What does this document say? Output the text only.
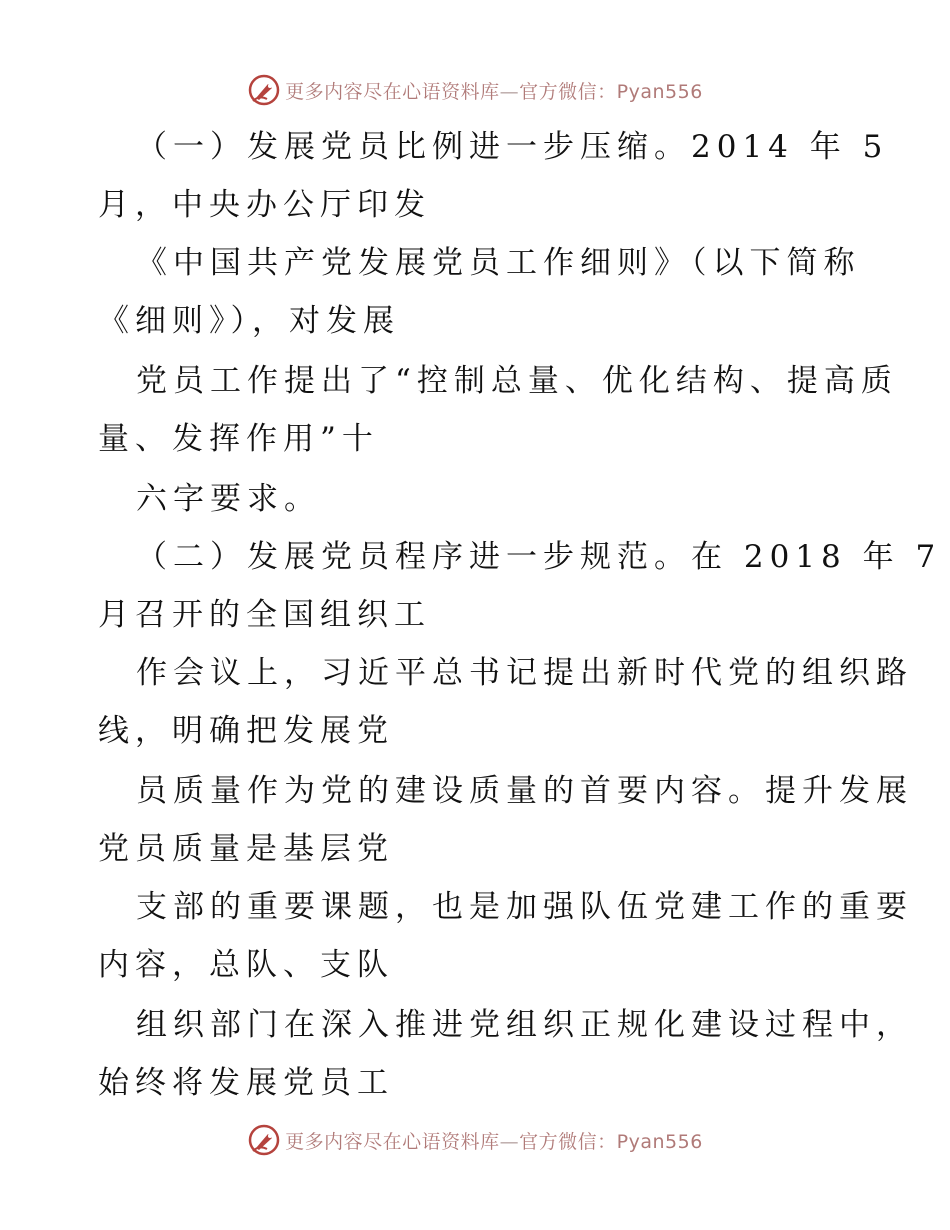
更多内容尽在心语资料库—官方微信：Pyan556
（一）发展党员比例进一步压缩。2014 年 5
月，中央办公厅印发
《中国共产党发展党员工作细则》（以下简称
《细则》），对发展
党员工作提出了“控制总量、优化结构、提高质
量、发挥作用”十
六字要求。
（二）发展党员程序进一步规范。在 2018 年 7
月召开的全国组织工
作会议上，习近平总书记提出新时代党的组织路
线，明确把发展党
员质量作为党的建设质量的首要内容。提升发展
党员质量是基层党
支部的重要课题，也是加强队伍党建工作的重要
内容，总队、支队
组织部门在深入推进党组织正规化建设过程中，
始终将发展党员工
更多内容尽在心语资料库—官方微信：Pyan556
